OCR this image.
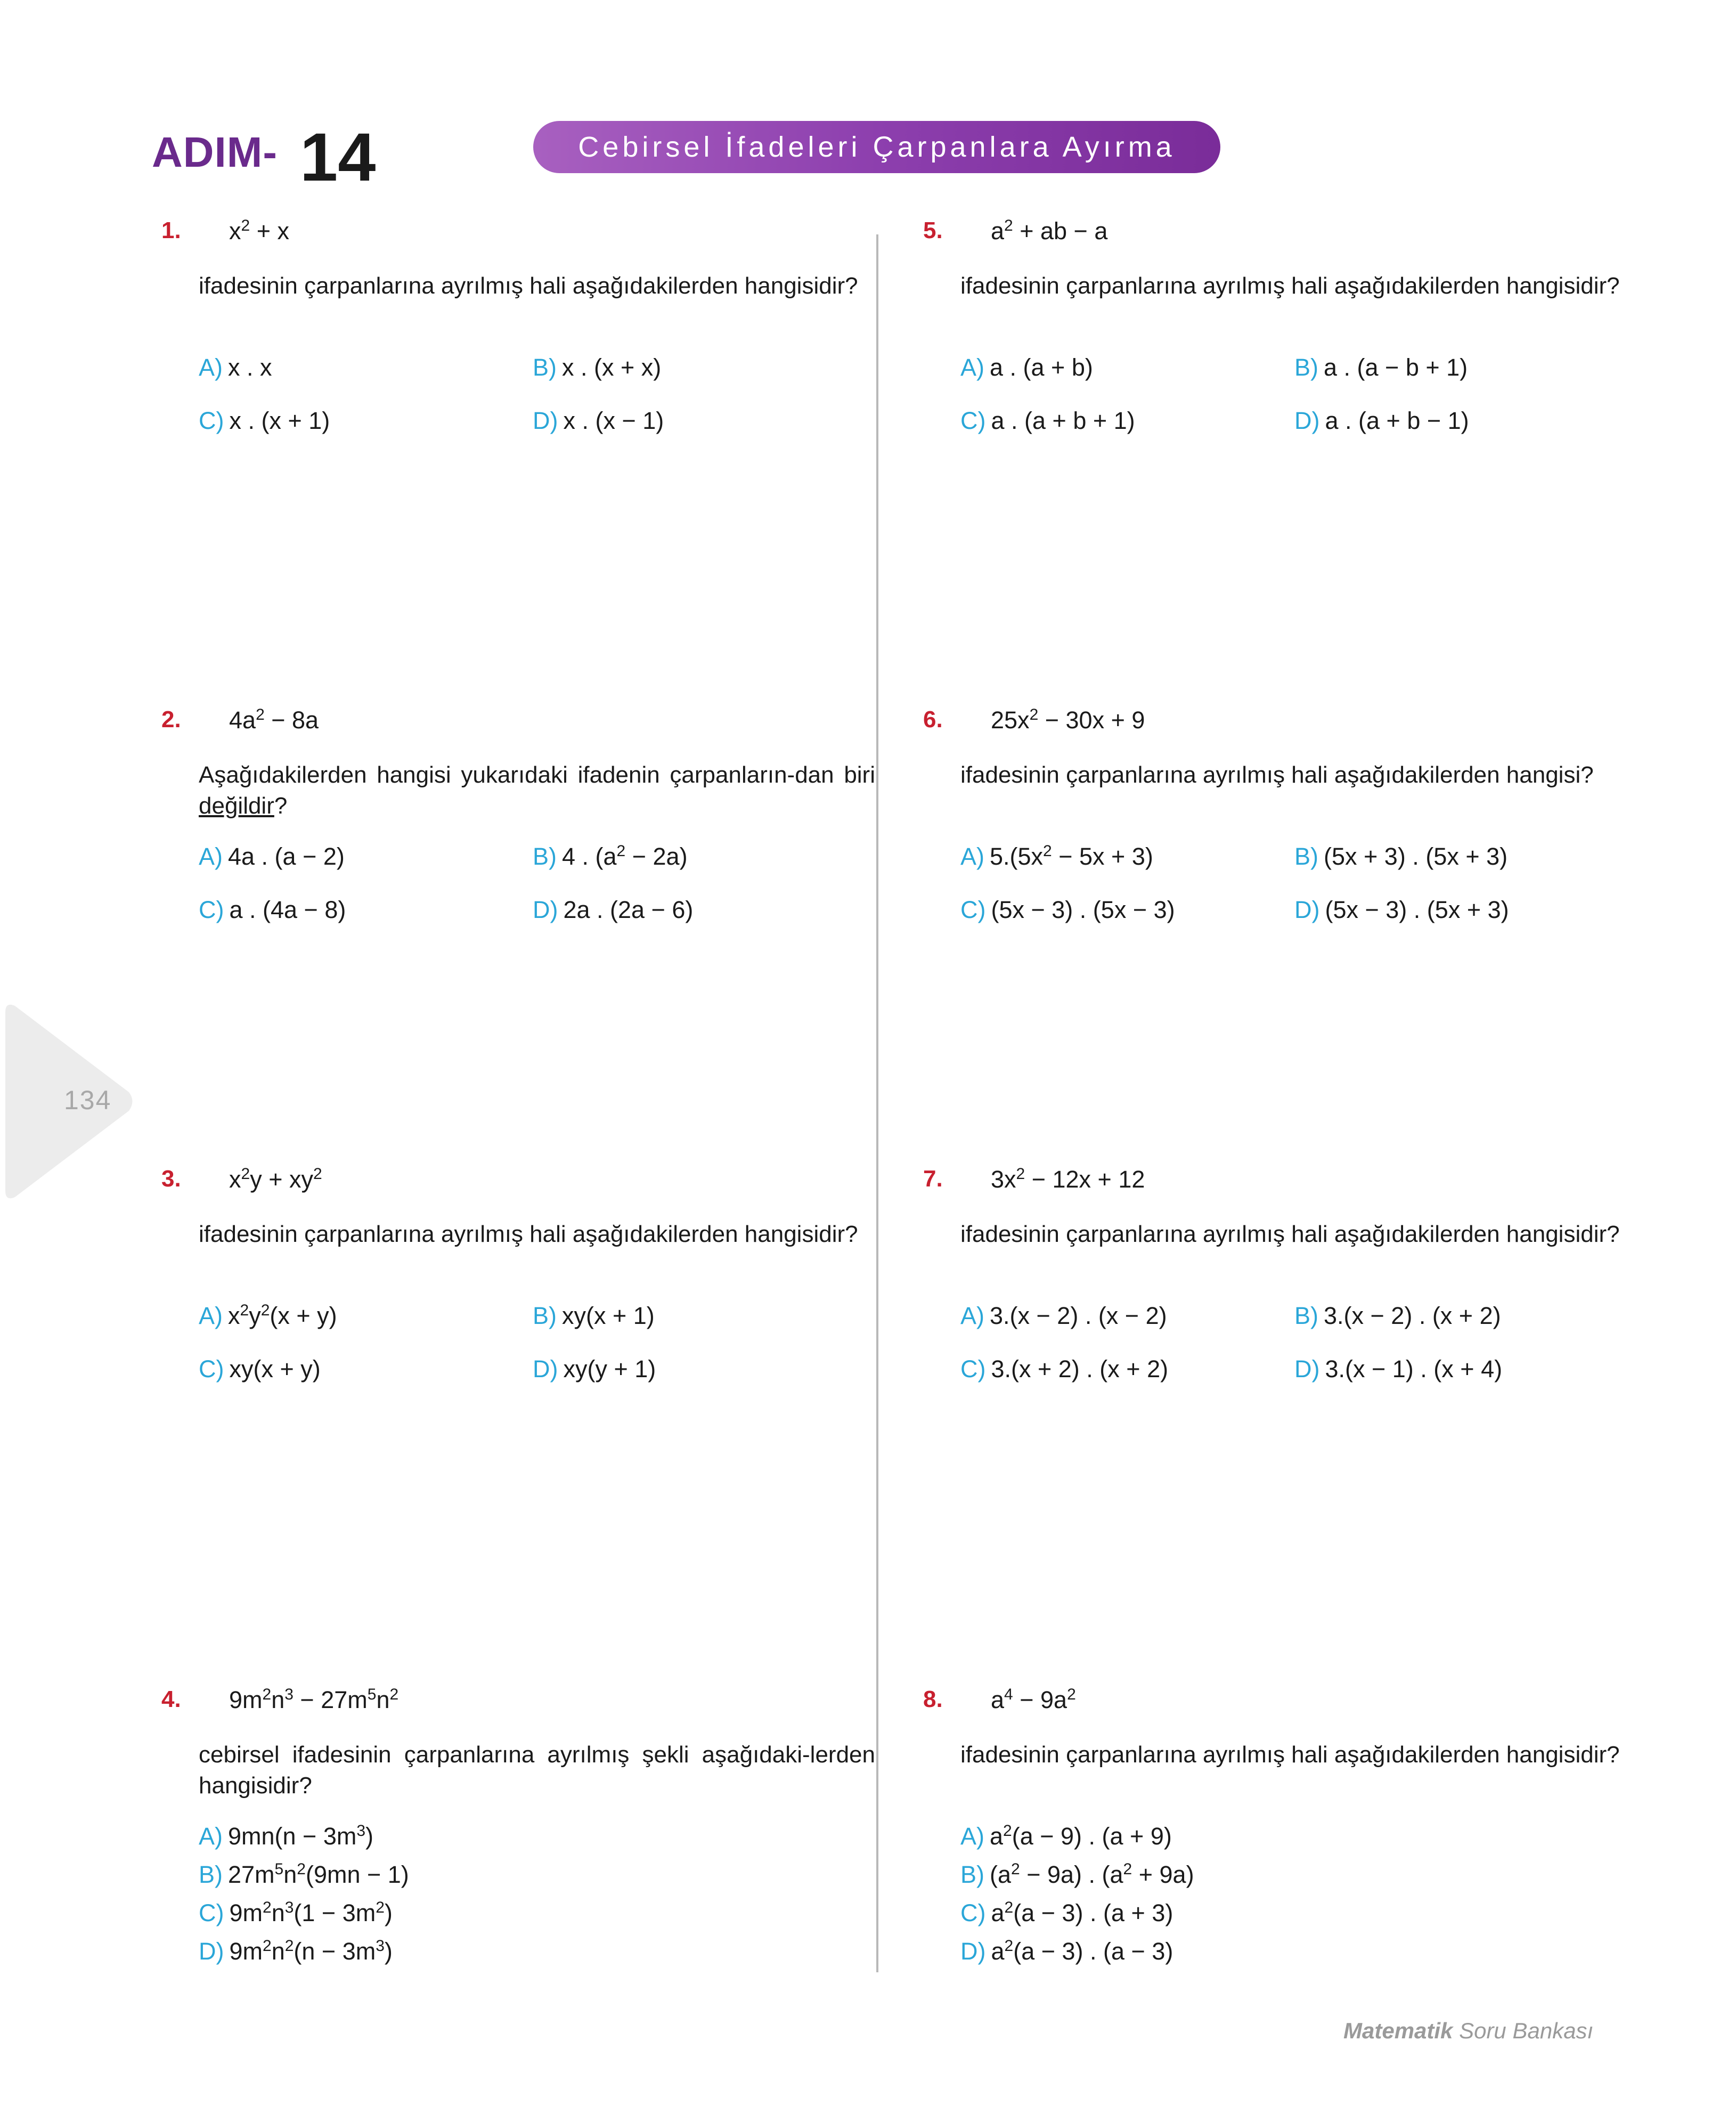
ADIM- 14	Cebirsel İfadeleri Çarpanlara Ayırma
134
1. $x^2 + x$
ifadesinin çarpanlarına ayrılmış hali aşağıdakilerden hangisidir?
A) x . x	B) x . (x + x)
C) x . (x + 1)	D) x . (x − 1)
2. $4a^2 - 8a$
Aşağıdakilerden hangisi yukarıdaki ifadenin çarpanların-dan biri değildir?
A) 4a . (a − 2)	B) 4 . $(a^2 - 2a)$
C) a . (4a − 8)	D) 2a . (2a − 6)
3. $x^2y + xy^2$
ifadesinin çarpanlarına ayrılmış hali aşağıdakilerden hangisidir?
A) $x^2y^2(x + y)$	B) xy(x + 1)
C) xy(x + y)	D) xy(y + 1)
4. $9m^2n^3 - 27m^5n^2$
cebirsel ifadesinin çarpanlarına ayrılmış şekli aşağıdaki-lerden hangisidir?
A) $9mn(n - 3m^3)$
B) $27m^5n^2(9mn - 1)$
C) $9m^2n^3(1 - 3m^2)$
D) $9m^2n^2(n - 3m^3)$
5. $a^2$ + ab − a
ifadesinin çarpanlarına ayrılmış hali aşağıdakilerden hangisidir?
A) a . (a + b)	B) a . (a − b + 1)
C) a . (a + b + 1)	D) a . (a + b − 1)
6. $25x^2 - 30x + 9$
ifadesinin çarpanlarına ayrılmış hali aşağıdakilerden hangisi?
A) $5.(5x^2 - 5x + 3)$	B) (5x + 3) . (5x + 3)
C) (5x − 3) . (5x − 3)	D) (5x − 3) . (5x + 3)
7. $3x^2 - 12x + 12$
ifadesinin çarpanlarına ayrılmış hali aşağıdakilerden hangisidir?
A) 3.(x − 2) . (x − 2)	B) 3.(x − 2) . (x + 2)
C) 3.(x + 2) . (x + 2)	D) 3.(x − 1) . (x + 4)
8. $a^4 - 9a^2$
ifadesinin çarpanlarına ayrılmış hali aşağıdakilerden hangisidir?
A) $a^2(a - 9)$ . (a + 9)
B) $(a^2 - 9a)$ . $(a^2 + 9a)$
C) $a^2(a - 3)$ . (a + 3)
D) $a^2(a - 3)$ . (a − 3)
Matematik Soru Bankası
